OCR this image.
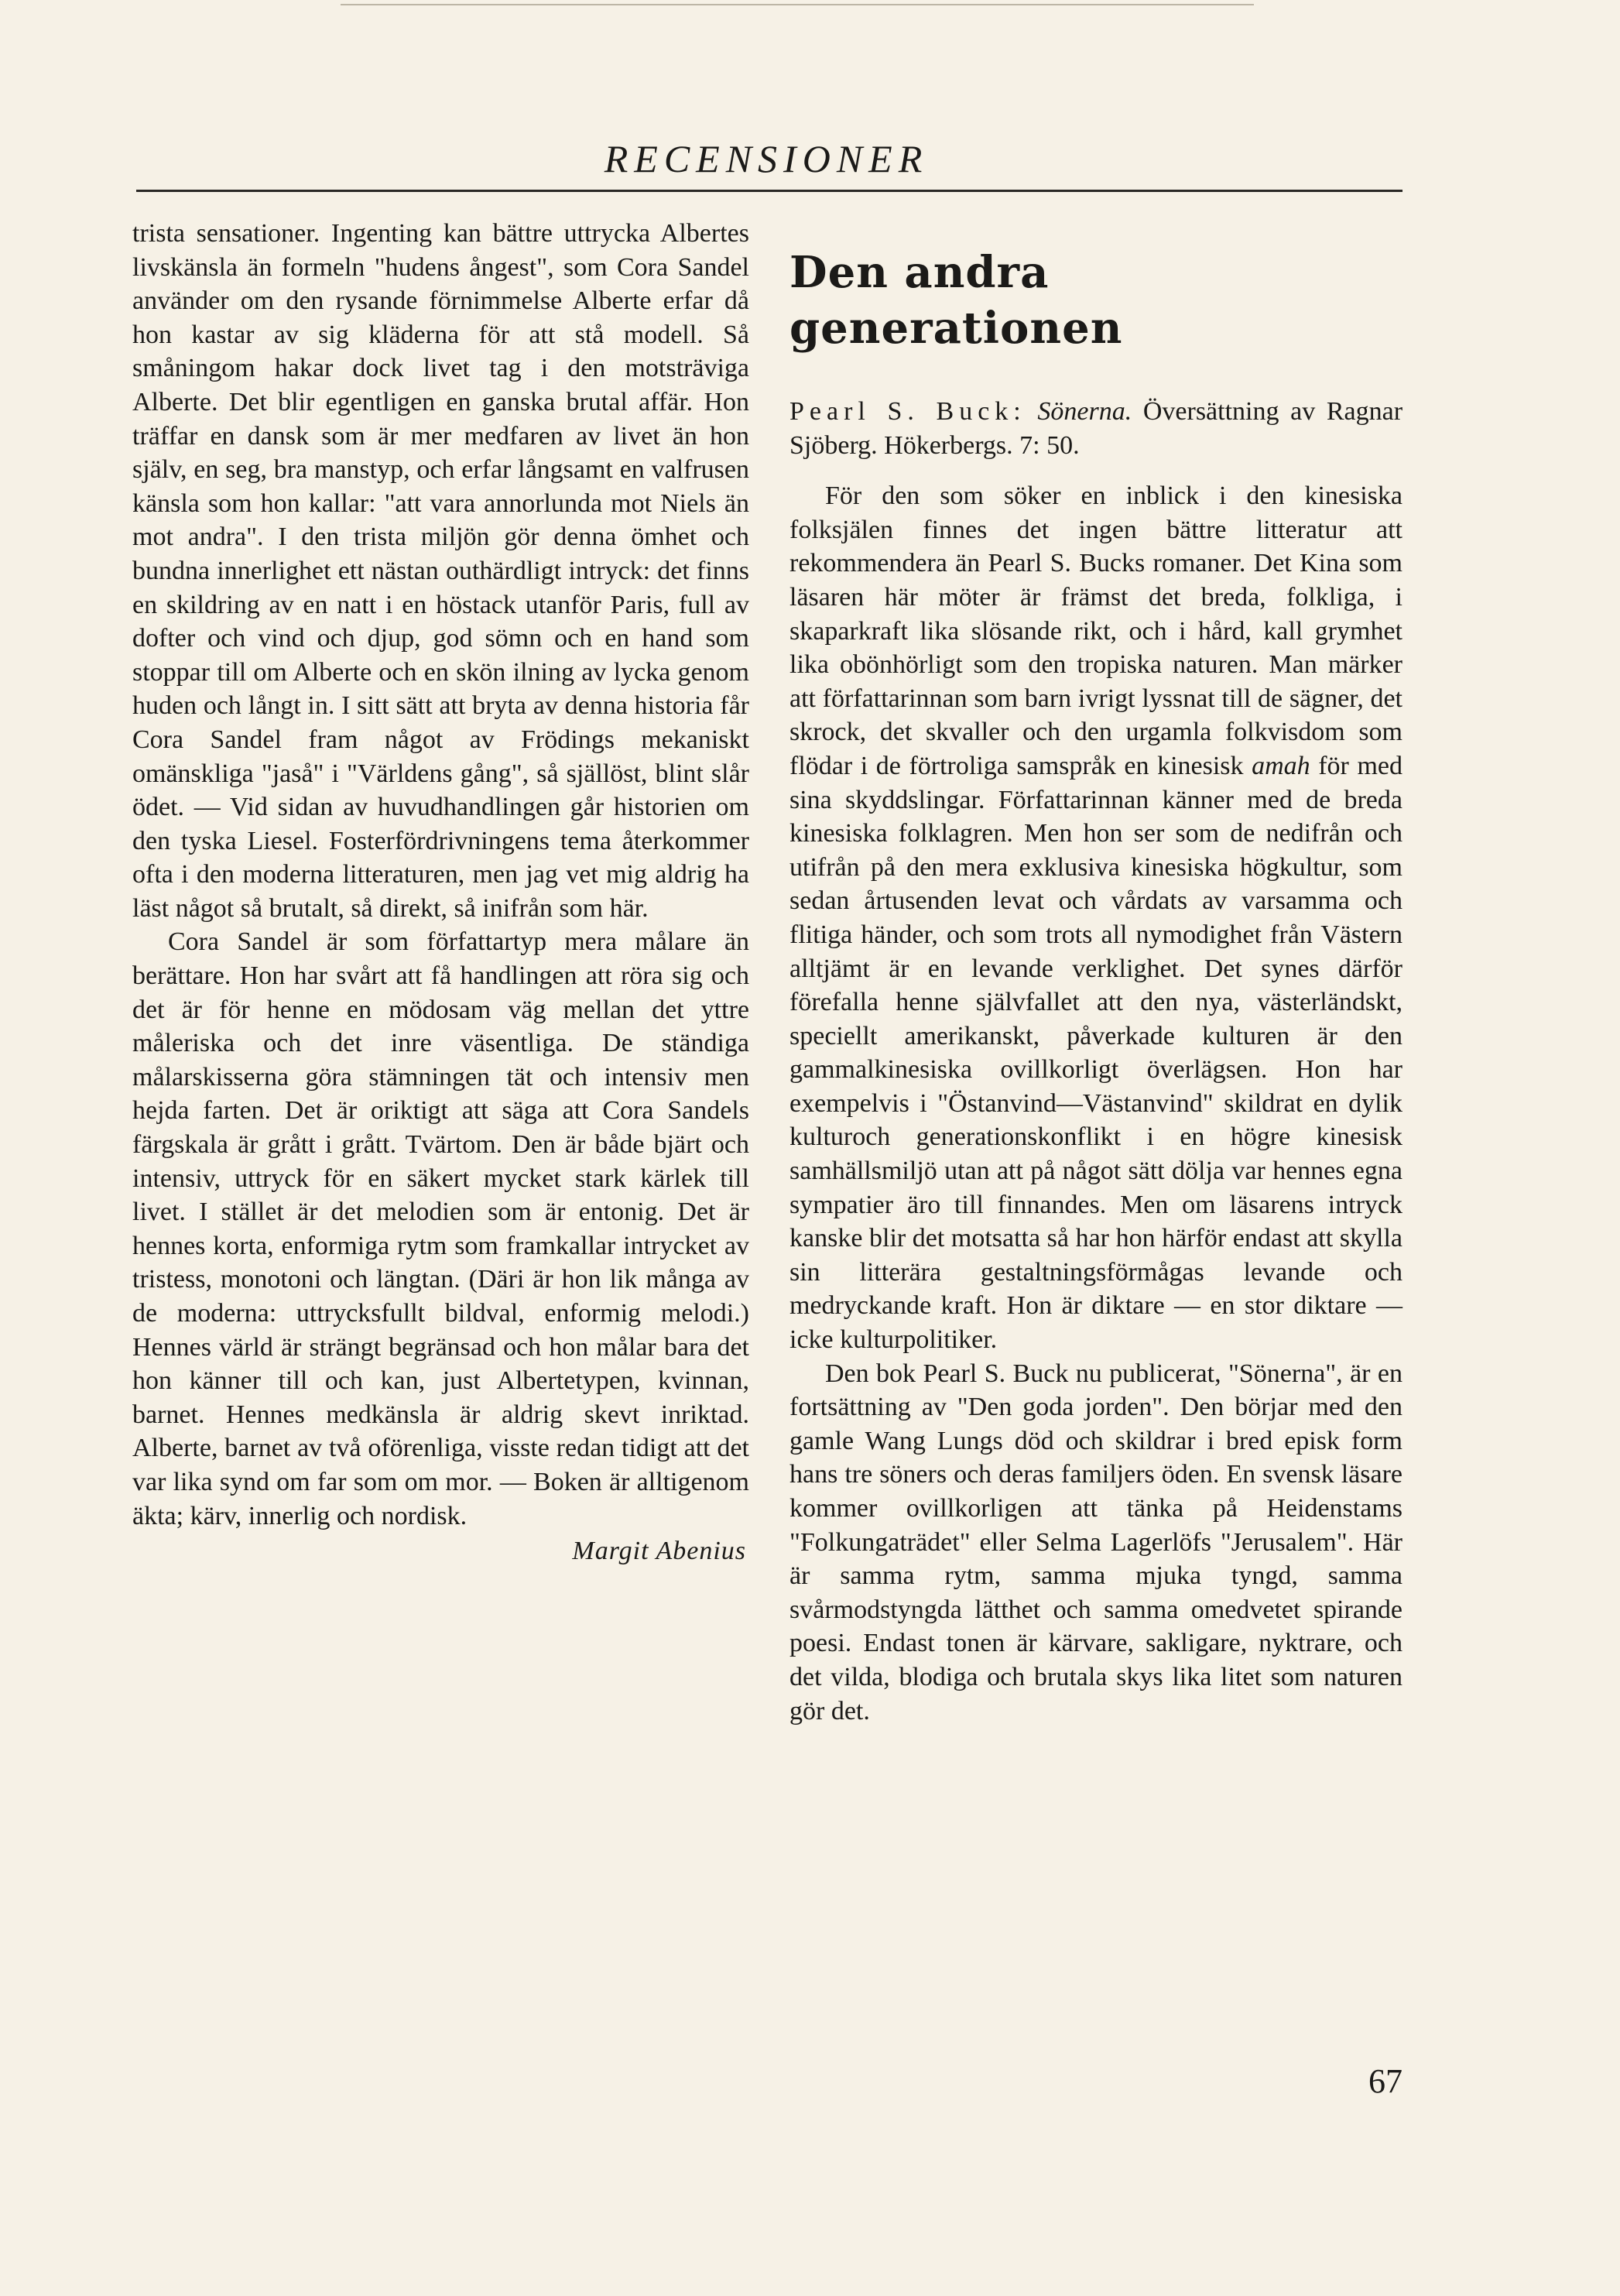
RECENSIONER

trista sensationer. Ingenting kan bättre uttrycka Albertes livskänsla än formeln "hudens ångest", som Cora Sandel använder om den rysande förnimmelse Alberte erfar då hon kastar av sig kläderna för att stå modell. Så småningom hakar dock livet tag i den motsträviga Alberte. Det blir egentligen en ganska brutal affär. Hon träffar en dansk som är mer medfaren av livet än hon själv, en seg, bra manstyp, och erfar långsamt en valfrusen känsla som hon kallar: "att vara annorlunda mot Niels än mot andra". I den trista miljön gör denna ömhet och bundna innerlighet ett nästan outhärdligt intryck: det finns en skildring av en natt i en höstack utanför Paris, full av dofter och vind och djup, god sömn och en hand som stoppar till om Alberte och en skön ilning av lycka genom huden och långt in. I sitt sätt att bryta av denna historia får Cora Sandel fram något av Frödings mekaniskt omänskliga "jaså" i "Världens gång", så själlöst, blint slår ödet. — Vid sidan av huvudhandlingen går historien om den tyska Liesel. Fosterfördrivningens tema återkommer ofta i den moderna litteraturen, men jag vet mig aldrig ha läst något så brutalt, så direkt, så inifrån som här.

Cora Sandel är som författartyp mera målare än berättare. Hon har svårt att få handlingen att röra sig och det är för henne en mödosam väg mellan det yttre måleriska och det inre väsentliga. De ständiga målarskisserna göra stämningen tät och intensiv men hejda farten. Det är oriktigt att säga att Cora Sandels färgskala är grått i grått. Tvärtom. Den är både bjärt och intensiv, uttryck för en säkert mycket stark kärlek till livet. I stället är det melodien som är entonig. Det är hennes korta, enformiga rytm som framkallar intrycket av tristess, monotoni och längtan. (Däri är hon lik många av de moderna: uttrycksfullt bildval, enformig melodi.) Hennes värld är strängt begränsad och hon målar bara det hon känner till och kan, just Albertetypen, kvinnan, barnet. Hennes medkänsla är aldrig skevt inriktad. Alberte, barnet av två oförenliga, visste redan tidigt att det var lika synd om far som om mor. — Boken är alltigenom äkta; kärv, innerlig och nordisk.

Margit Abenius
Den andra
generationen

Pearl S. Buck: Sönerna. Översättning av Ragnar Sjöberg. Hökerbergs. 7: 50.

För den som söker en inblick i den kinesiska folksjälen finnes det ingen bättre litteratur att rekommendera än Pearl S. Bucks romaner. Det Kina som läsaren här möter är främst det breda, folkliga, i skaparkraft lika slösande rikt, och i hård, kall grymhet lika obönhörligt som den tropiska naturen. Man märker att författarinnan som barn ivrigt lyssnat till de sägner, det skrock, det skvaller och den urgamla folkvisdom som flödar i de förtroliga samspråk en kinesisk amah för med sina skyddslingar. Författarinnan känner med de breda kinesiska folklagren. Men hon ser som de nedifrån och utifrån på den mera exklusiva kinesiska högkultur, som sedan årtusenden levat och vårdats av varsamma och flitiga händer, och som trots all nymodighet från Västern alltjämt är en levande verklighet. Det synes därför förefalla henne självfallet att den nya, västerländskt, speciellt amerikanskt, påverkade kulturen är den gammalkinesiska ovillkorligt överlägsen. Hon har exempelvis i "Östanvind—Västanvind" skildrat en dylik kulturoch generationskonflikt i en högre kinesisk samhällsmiljö utan att på något sätt dölja var hennes egna sympatier äro till finnandes. Men om läsarens intryck kanske blir det motsatta så har hon härför endast att skylla sin litterära gestaltningsförmågas levande och medryckande kraft. Hon är diktare — en stor diktare — icke kulturpolitiker.

Den bok Pearl S. Buck nu publicerat, "Sönerna", är en fortsättning av "Den goda jorden". Den börjar med den gamle Wang Lungs död och skildrar i bred episk form hans tre söners och deras familjers öden. En svensk läsare kommer ovillkorligen att tänka på Heidenstams "Folkungaträdet" eller Selma Lagerlöfs "Jerusalem". Här är samma rytm, samma mjuka tyngd, samma svårmodstyngda lätthet och samma omedvetet spirande poesi. Endast tonen är kärvare, sakligare, nyktrare, och det vilda, blodiga och brutala skys lika litet som naturen gör det.

67
